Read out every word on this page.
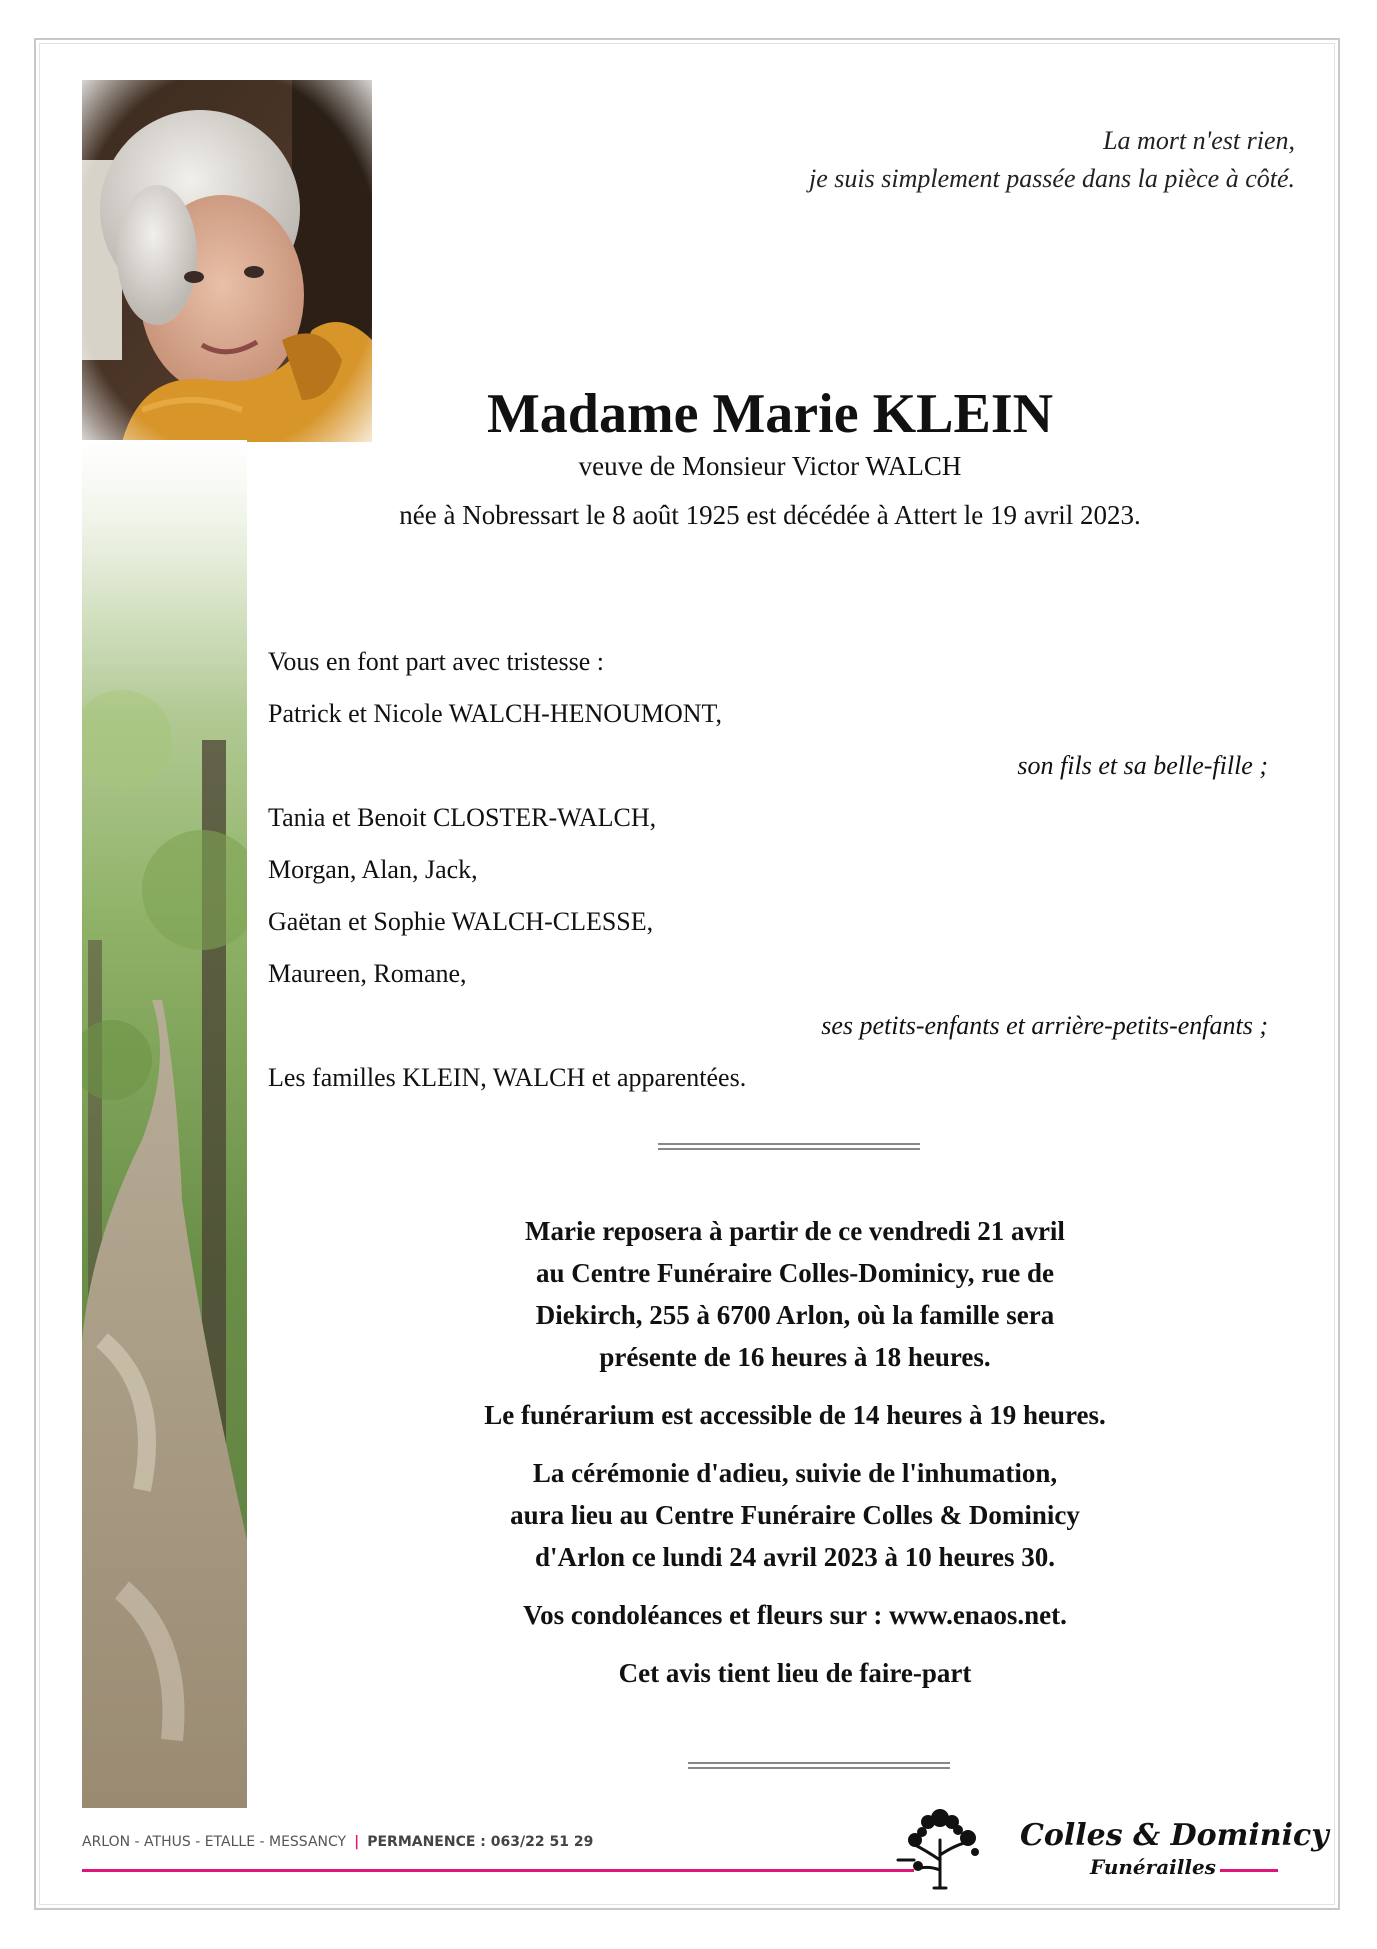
La mort n'est rien,
je suis simplement passée dans la pièce à côté.
Madame Marie KLEIN
veuve de Monsieur Victor WALCH
née à Nobressart le 8 août 1925 est décédée à Attert le 19 avril 2023.
Vous en font part avec tristesse :
Patrick et Nicole WALCH-HENOUMONT,
son fils et sa belle-fille ;
Tania et Benoit CLOSTER-WALCH,
Morgan, Alan, Jack,
Gaëtan et Sophie WALCH-CLESSE,
Maureen, Romane,
ses petits-enfants et arrière-petits-enfants ;
Les familles KLEIN, WALCH et apparentées.

Marie reposera à partir de ce vendredi 21 avril
au Centre Funéraire Colles-Dominicy, rue de
Diekirch, 255 à 6700 Arlon, où la famille sera
présente de 16 heures à 18 heures.

Le funérarium est accessible de 14 heures à 19 heures.

La cérémonie d'adieu, suivie de l'inhumation,
aura lieu au Centre Funéraire Colles & Dominicy
d'Arlon ce lundi 24 avril 2023 à 10 heures 30.

Vos condoléances et fleurs sur : www.enaos.net.

Cet avis tient lieu de faire-part

ARLON - ATHUS - ETALLE - MESSANCY | PERMANENCE : 063/22 51 29	Colles & Dominicy
Funérailles
